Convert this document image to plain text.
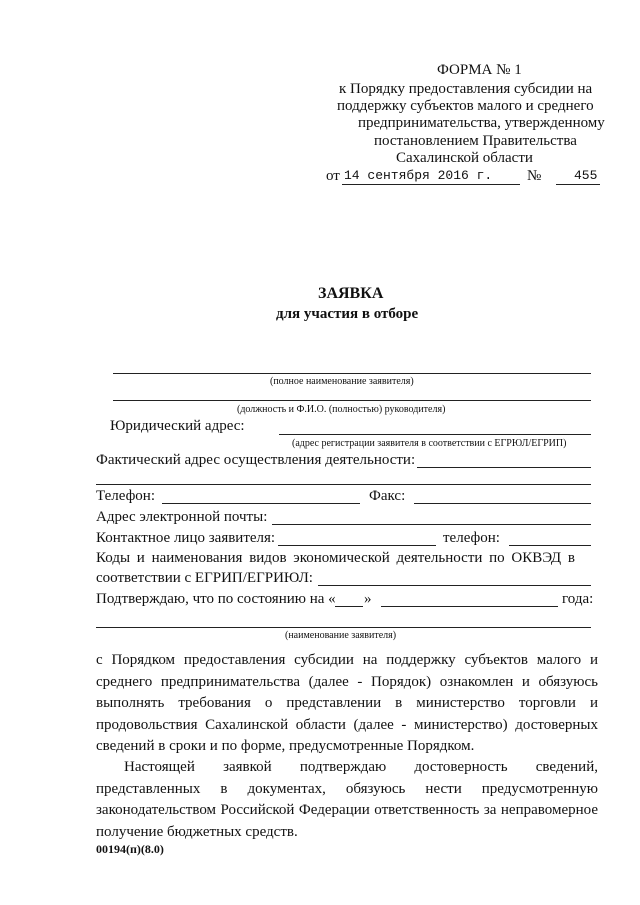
ФОРМА № 1
к Порядку предоставления субсидии на
поддержку субъектов малого и среднего
предпринимательства, утвержденному
постановлением Правительства
Сахалинской области
от 14 сентября 2016 г. №	455
ЗАЯВКА
для участия в отборе
(полное наименование заявителя)
(должность и Ф.И.О. (полностью) руководителя)
Юридический адрес:
(адрес регистрации заявителя в соответствии с ЕГРЮЛ/ЕГРИП)
Фактический адрес осуществления деятельности:
Телефон:	Факс:
Адрес электронной почты:
Контактное лицо заявителя:	телефон:
Коды и наименования видов экономической деятельности по ОКВЭД в
соответствии с ЕГРИП/ЕГРИЮЛ:
Подтверждаю, что по состоянию на « »	года:
(наименование заявителя)
с Порядком предоставления субсидии на поддержку субъектов малого и среднего предпринимательства (далее - Порядок) ознакомлен и обязуюсь выполнять требования о представлении в министерство торговли и продовольствия Сахалинской области (далее - министерство) достоверных сведений в сроки и по форме, предусмотренные Порядком.
Настоящей заявкой подтверждаю достоверность сведений, представленных в документах, обязуюсь нести предусмотренную законодательством Российской Федерации ответственность за неправомерное получение бюджетных средств.
00194(п)(8.0)
